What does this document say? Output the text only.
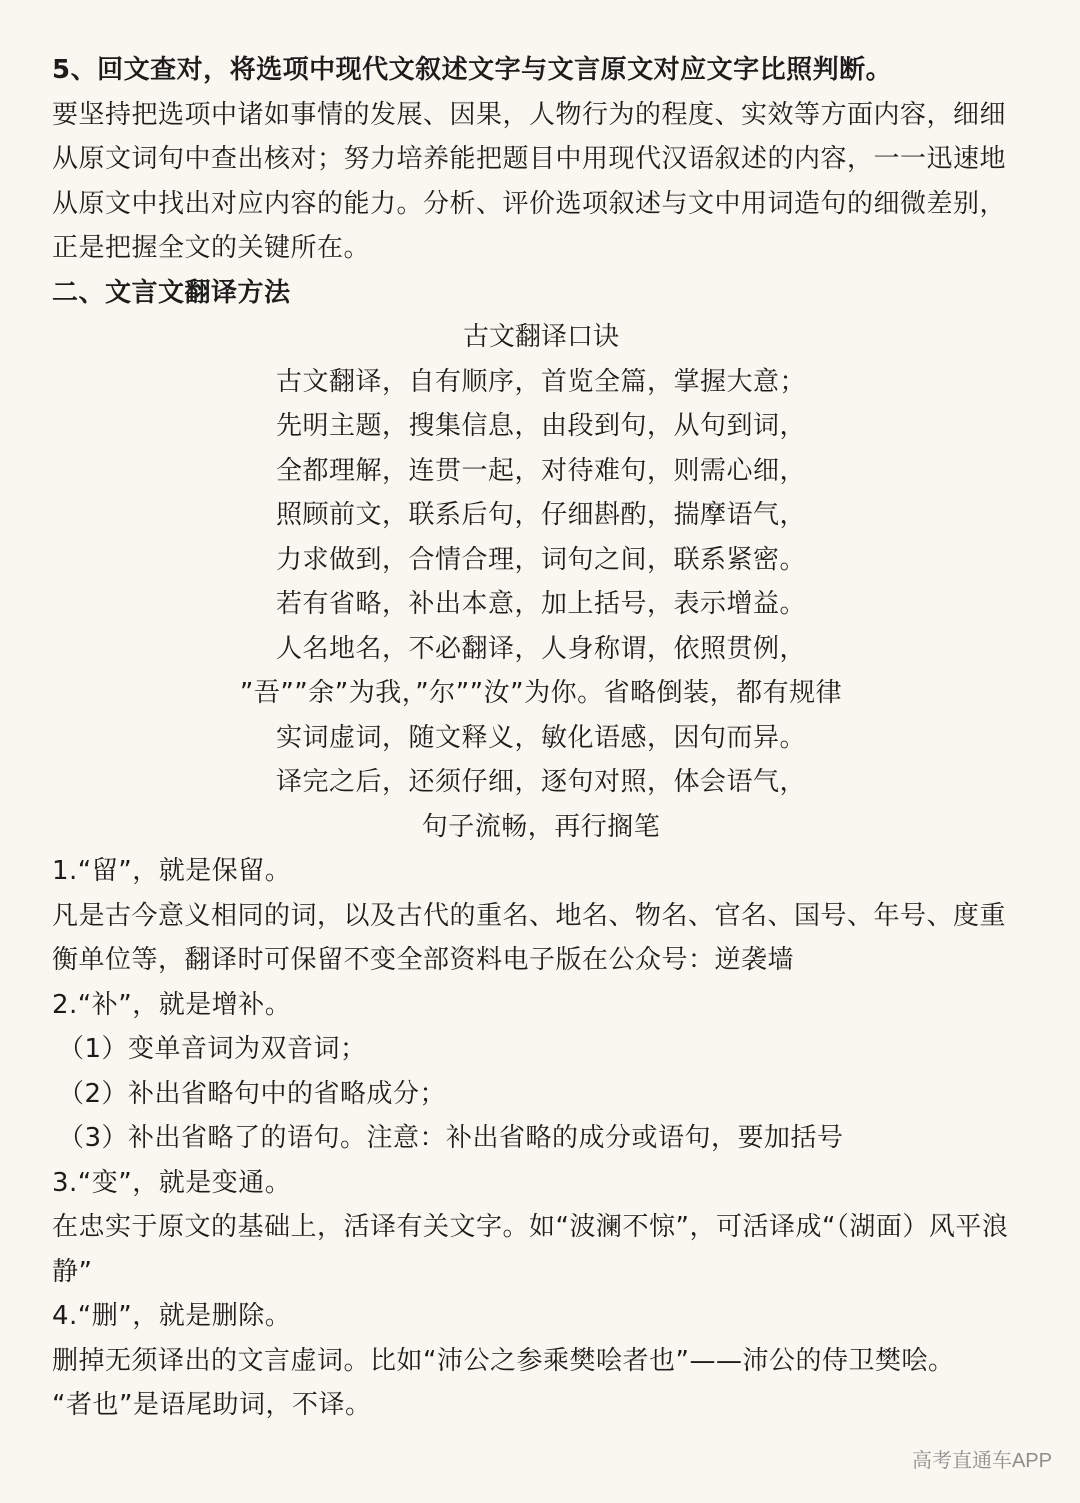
5、回文查对，将选项中现代文叙述文字与文言原文对应文字比照判断。

要坚持把选项中诸如事情的发展、因果，人物行为的程度、实效等方面内容，细细从原文词句中查出核对；努力培养能把题目中用现代汉语叙述的内容，一一迅速地从原文中找出对应内容的能力。分析、评价选项叙述与文中用词造句的细微差别，正是把握全文的关键所在。

二、文言文翻译方法

古文翻译口诀

古文翻译，自有顺序，首览全篇，掌握大意；
先明主题，搜集信息，由段到句，从句到词，
全都理解，连贯一起，对待难句，则需心细，
照顾前文，联系后句，仔细斟酌，揣摩语气，
力求做到，合情合理，词句之间，联系紧密。
若有省略，补出本意，加上括号，表示增益。
人名地名，不必翻译，人身称谓，依照贯例，
”吾””余”为我，”尔””汝”为你。省略倒装，都有规律
实词虚词，随文释义，敏化语感，因句而异。
译完之后，还须仔细，逐句对照，体会语气，
句子流畅，再行搁笔

1.“留”，就是保留。

凡是古今意义相同的词，以及古代的重名、地名、物名、官名、国号、年号、度重衡单位等，翻译时可保留不变全部资料电子版在公众号：逆袭墙

2.“补”，就是增补。

（1）变单音词为双音词；

（2）补出省略句中的省略成分；

（3）补出省略了的语句。注意：补出省略的成分或语句，要加括号

3.“变”，就是变通。

在忠实于原文的基础上，活译有关文字。如“波澜不惊”，可活译成“（湖面）风平浪静”

4.“删”，就是删除。

删掉无须译出的文言虚词。比如“沛公之参乘樊哙者也”——沛公的侍卫樊哙。

“者也”是语尾助词，不译。

高考直通车APP
